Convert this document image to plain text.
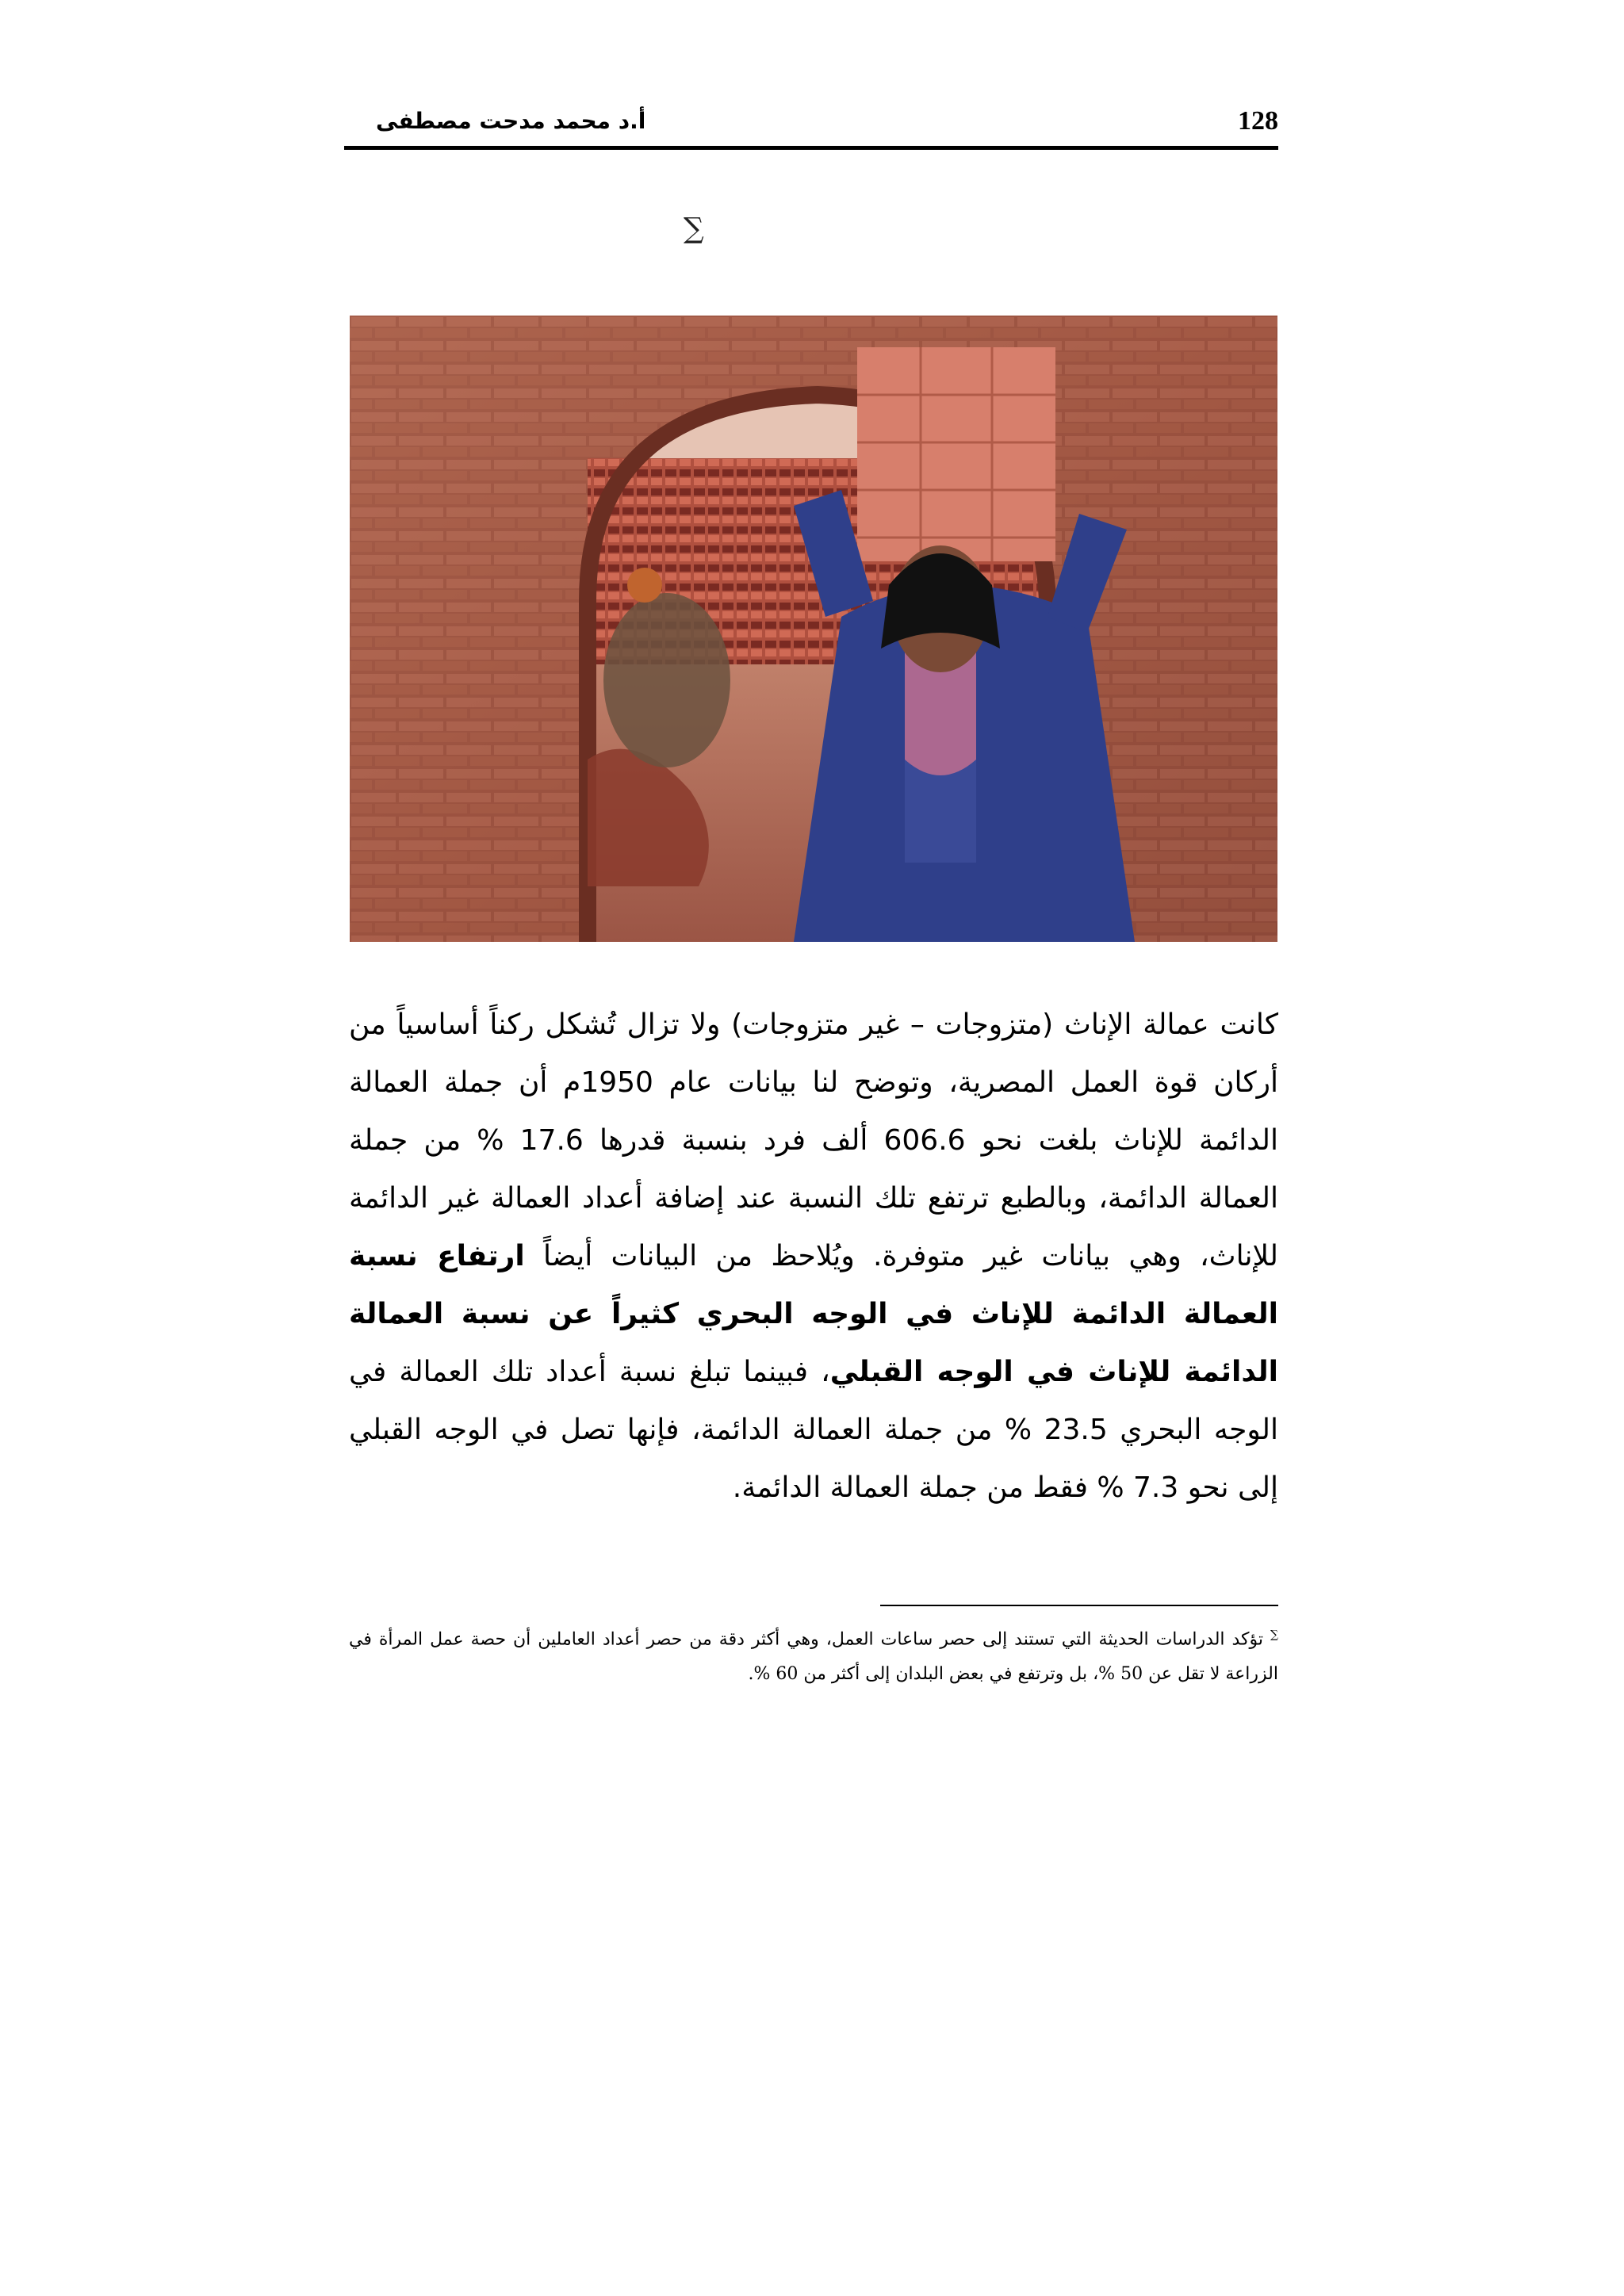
128
أ.د محمد مدحت مصطفى
∑
كانت عمالة الإناث (متزوجات – غير متزوجات) ولا تزال تُشكل ركناً أساسياً من أركان قوة العمل المصرية، وتوضح لنا بيانات عام 1950م أن جملة العمالة الدائمة للإناث بلغت نحو 606.6 ألف فرد بنسبة قدرها 17.6 % من جملة العمالة الدائمة، وبالطبع ترتفع تلك النسبة عند إضافة أعداد العمالة غير الدائمة للإناث، وهي بيانات غير متوفرة. ويُلاحظ من البيانات أيضاً ارتفاع نسبة العمالة الدائمة للإناث في الوجه البحري كثيراً عن نسبة العمالة الدائمة للإناث في الوجه القبلي، فبينما تبلغ نسبة أعداد تلك العمالة في الوجه البحري 23.5 % من جملة العمالة الدائمة، فإنها تصل في الوجه القبلي إلى نحو 7.3 % فقط من جملة العمالة الدائمة.
∑ تؤكد الدراسات الحديثة التي تستند إلى حصر ساعات العمل، وهي أكثر دقة من حصر أعداد العاملين أن حصة عمل المرأة في الزراعة لا تقل عن 50 %، بل وترتفع في بعض البلدان إلى أكثر من 60 %.
